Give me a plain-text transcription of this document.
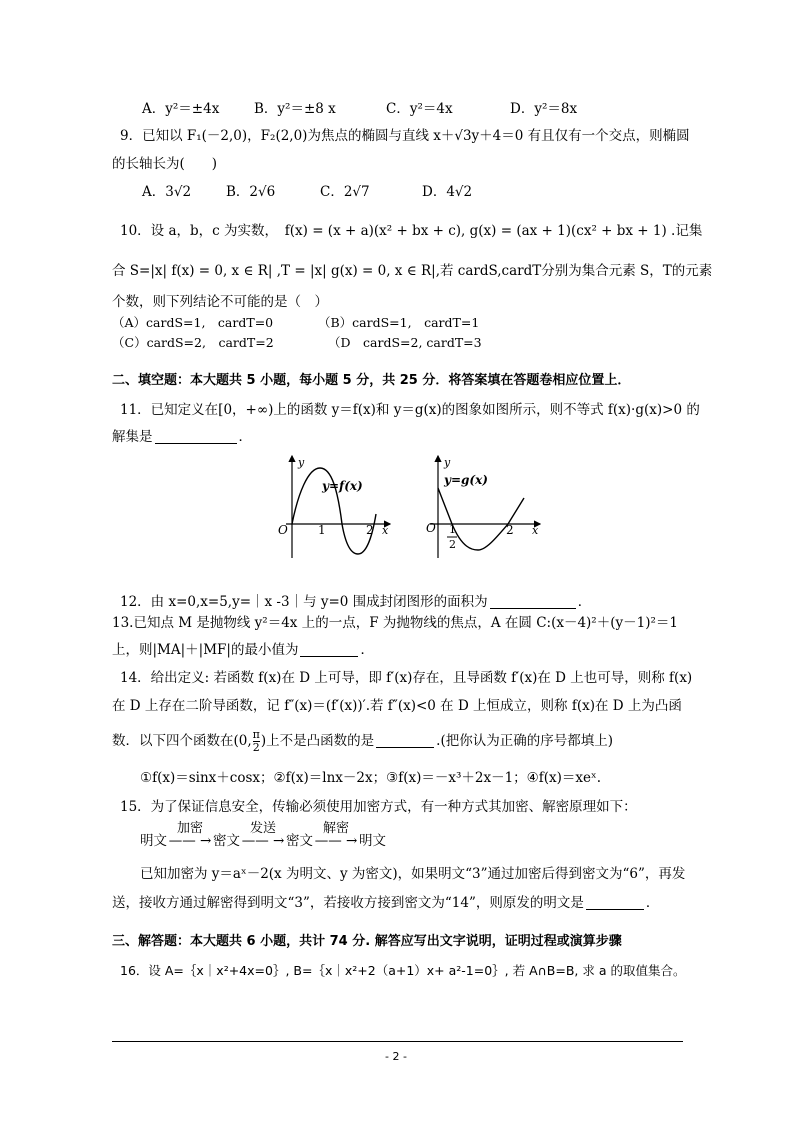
A．y²＝±4x	B．y²＝±8 x	C．y²＝4x	D．y²＝8x
9．已知以 F₁(－2,0)，F₂(2,0)为焦点的椭圆与直线 x＋√3y＋4＝0 有且仅有一个交点，则椭圆
的长轴长为(　　)
A．3√2	B．2√6	C．2√7	D．4√2
10．设 a，b，c 为实数，　f(x) = (x + a)(x² + bx + c), g(x) = (ax + 1)(cx² + bx + 1) .记集
合 S=|x| f(x) = 0, x ∈ R| ,T = |x| g(x) = 0, x ∈ R|,若 cardS,cardT分别为集合元素 S，T的元素
个数，则下列结论不可能的是（　）
（A）cardS=1,　cardT=0	（B）cardS=1,　cardT=1
（C）cardS=2,　cardT=2	（D　cardS=2, cardT=3
二、填空题：本大题共 5 小题，每小题 5 分，共 25 分．将答案填在答题卷相应位置上．
11．已知定义在[0，+∞)上的函数 y＝f(x)和 y＝g(x)的图象如图所示，则不等式 f(x)·g(x)>0 的
解集是	．
y
y=f(x)
O	1	2 x
y
y=g(x)
O 1
2
2 x
12．由 x=0,x=5,y=｜x -3｜与 y=0 围成封闭图形的面积为	．
13.已知点 M 是抛物线 y²＝4x 上的一点，F 为抛物线的焦点，A 在圆 C:(x－4)²＋(y－1)²＝1
上，则|MA|＋|MF|的最小值为	．
14．给出定义: 若函数 f(x)在 D 上可导，即 f′(x)存在，且导函数 f′(x)在 D 上也可导，则称 f(x)
在 D 上存在二阶导函数，记 f″(x)＝(f′(x))′.若 f″(x)<0 在 D 上恒成立，则称 f(x)在 D 上为凸函
数．以下四个函数在(0, $\frac{\pi}{2}$ )上不是凸函数的是	.(把你认为正确的序号都填上)
①f(x)＝sinx＋cosx；②f(x)＝lnx－2x；③f(x)＝－x³＋2x－1；④f(x)＝xeˣ.
15．为了保证信息安全，传输必须使用加密方式，有一种方式其加密、解密原理如下：
明文
加密
—— → 密文
发送
—— → 密文
解密
—— → 明文
已知加密为 y＝aˣ－2(x 为明文、y 为密文)，如果明文“3”通过加密后得到密文为“6”，再发
送，接收方通过解密得到明文“3”，若接收方接到密文为“14”，则原发的明文是	．
三、解答题：本大题共 6 小题，共计 74 分. 解答应写出文字说明，证明过程或演算步骤
16．设 A=｛x｜x²+4x=0｝, B=｛x｜x²+2（a+1）x+ a²-1=0｝, 若 A∩B=B, 求 a 的取值集合。
- 2 -
